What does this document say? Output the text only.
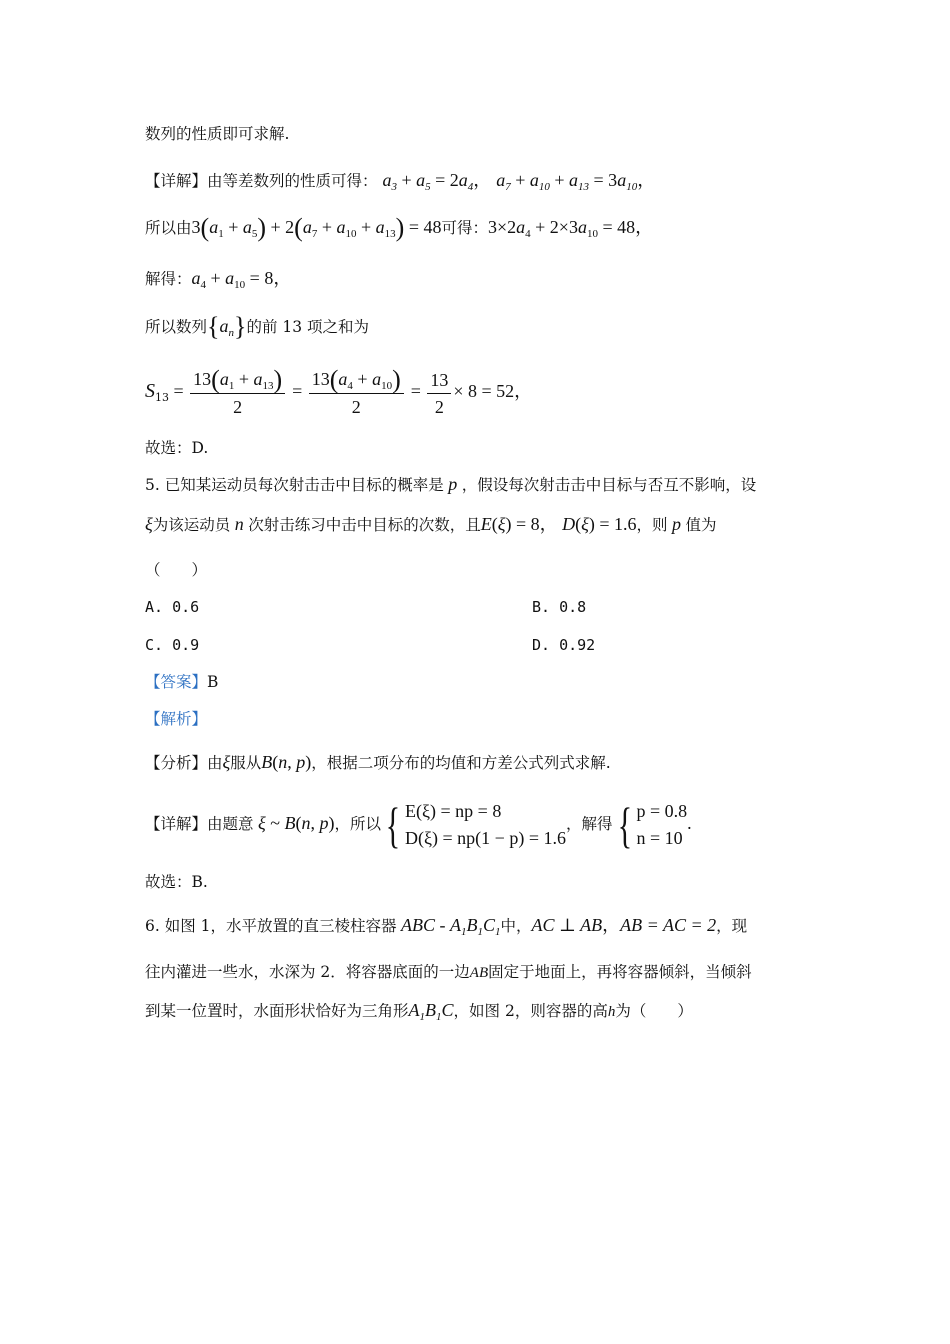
数列的性质即可求解.
【详解】由等差数列的性质可得： $a_3 + a_5 = 2a_4$， $a_7 + a_{10} + a_{13} = 3a_{10}$，
所以由$3(a_1 + a_5) + 2(a_7 + a_{10} + a_{13}) = 48$可得：$3\times 2a_4 + 2\times 3a_{10} = 48$，
解得：$a_4 + a_{10} = 8$，
所以数列$\{a_n\}$的前 13 项之和为
$S_{13} = \frac{13(a_1 + a_{13})}{2} = \frac{13(a_4 + a_{10})}{2} = \frac{13}{2} \times 8 = 52$，
故选：D.
5. 已知某运动员每次射击击中目标的概率是 p ，假设每次射击击中目标与否互不影响，设
ξ为该运动员 n 次射击练习中击中目标的次数，且E(ξ) = 8， D(ξ) = 1.6，则 p 值为
（　　）
A. 0.6	B. 0.8
C. 0.9	D. 0.92
【答案】B
【解析】
【分析】由ξ服从B(n, p)，根据二项分布的均值和方差公式列式求解.
【详解】由题意 ξ ~ B(n, p)，所以{ E(ξ) = np = 8
D(ξ) = np(1 − p) = 1.6
，解得{ p = 0.8
n = 10
.
故选：B.
6. 如图 1，水平放置的直三棱柱容器 ABC - $A_1B_1C_1$中，AC ⊥ AB，AB = AC = 2，现
往内灌进一些水，水深为 2．将容器底面的一边AB固定于地面上，再将容器倾斜，当倾斜
到某一位置时，水面形状恰好为三角形$A_1B_1C$，如图 2，则容器的高h为（　　）
